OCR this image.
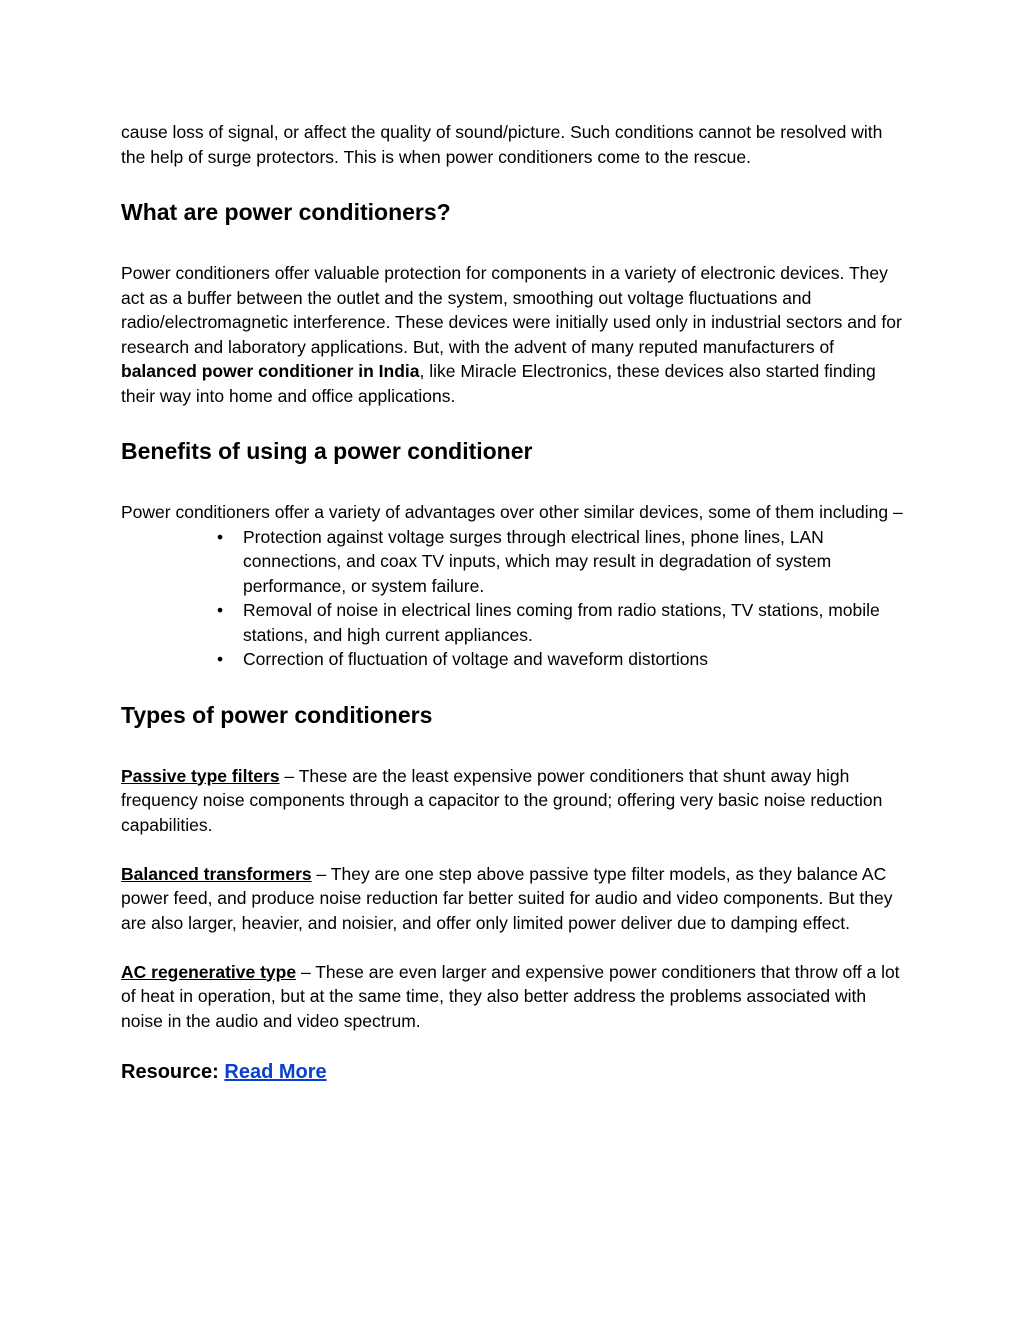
cause loss of signal, or affect the quality of sound/picture. Such conditions cannot be resolved with the help of surge protectors. This is when power conditioners come to the rescue.

What are power conditioners?

Power conditioners offer valuable protection for components in a variety of electronic devices. They act as a buffer between the outlet and the system, smoothing out voltage fluctuations and radio/electromagnetic interference. These devices were initially used only in industrial sectors and for research and laboratory applications. But, with the advent of many reputed manufacturers of balanced power conditioner in India, like Miracle Electronics, these devices also started finding their way into home and office applications.

Benefits of using a power conditioner

Power conditioners offer a variety of advantages over other similar devices, some of them including –

• Protection against voltage surges through electrical lines, phone lines, LAN connections, and coax TV inputs, which may result in degradation of system performance, or system failure.
• Removal of noise in electrical lines coming from radio stations, TV stations, mobile stations, and high current appliances.
• Correction of fluctuation of voltage and waveform distortions
Types of power conditioners

Passive type filters – These are the least expensive power conditioners that shunt away high frequency noise components through a capacitor to the ground; offering very basic noise reduction capabilities.

Balanced transformers – They are one step above passive type filter models, as they balance AC power feed, and produce noise reduction far better suited for audio and video components. But they are also larger, heavier, and noisier, and offer only limited power deliver due to damping effect.

AC regenerative type – These are even larger and expensive power conditioners that throw off a lot of heat in operation, but at the same time, they also better address the problems associated with noise in the audio and video spectrum.

Resource: Read More
